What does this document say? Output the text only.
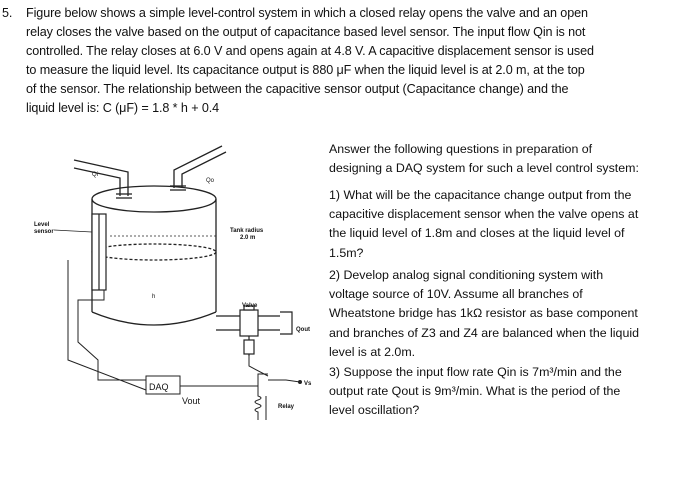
5. Figure below shows a simple level-control system in which a closed relay opens the valve and an open
relay closes the valve based on the output of capacitance based level sensor. The input flow Qin is not
controlled. The relay closes at 6.0 V and opens again at 4.8 V. A capacitive displacement sensor is used
to measure the liquid level. Its capacitance output is 880 μF when the liquid level is at 2.0 m, at the top
of the sensor. The relationship between the capacitive sensor output (Capacitance change) and the
liquid level is: C (μF) = 1.8 * h + 0.4
Answer the following questions in preparation of
designing a DAQ system for such a level control system:
1) What will be the capacitance change output from the
capacitive displacement sensor when the valve opens at
the liquid level of 1.8m and closes at the liquid level of
1.5m?
2) Develop analog signal conditioning system with
voltage source of 10V. Assume all branches of
Wheatstone bridge has 1kΩ resistor as base component
and branches of Z3 and Z4 are balanced when the liquid
level is at 2.0m.
3) Suppose the input flow rate Qin is 7m³/min and the
output rate Qout is 9m³/min. What is the period of the
level oscillation?
Qi
Qo
Level
sensor	Tank radius
2.0 m
h
Valve
Qout
DAQ
Vout
Vs
Relay
